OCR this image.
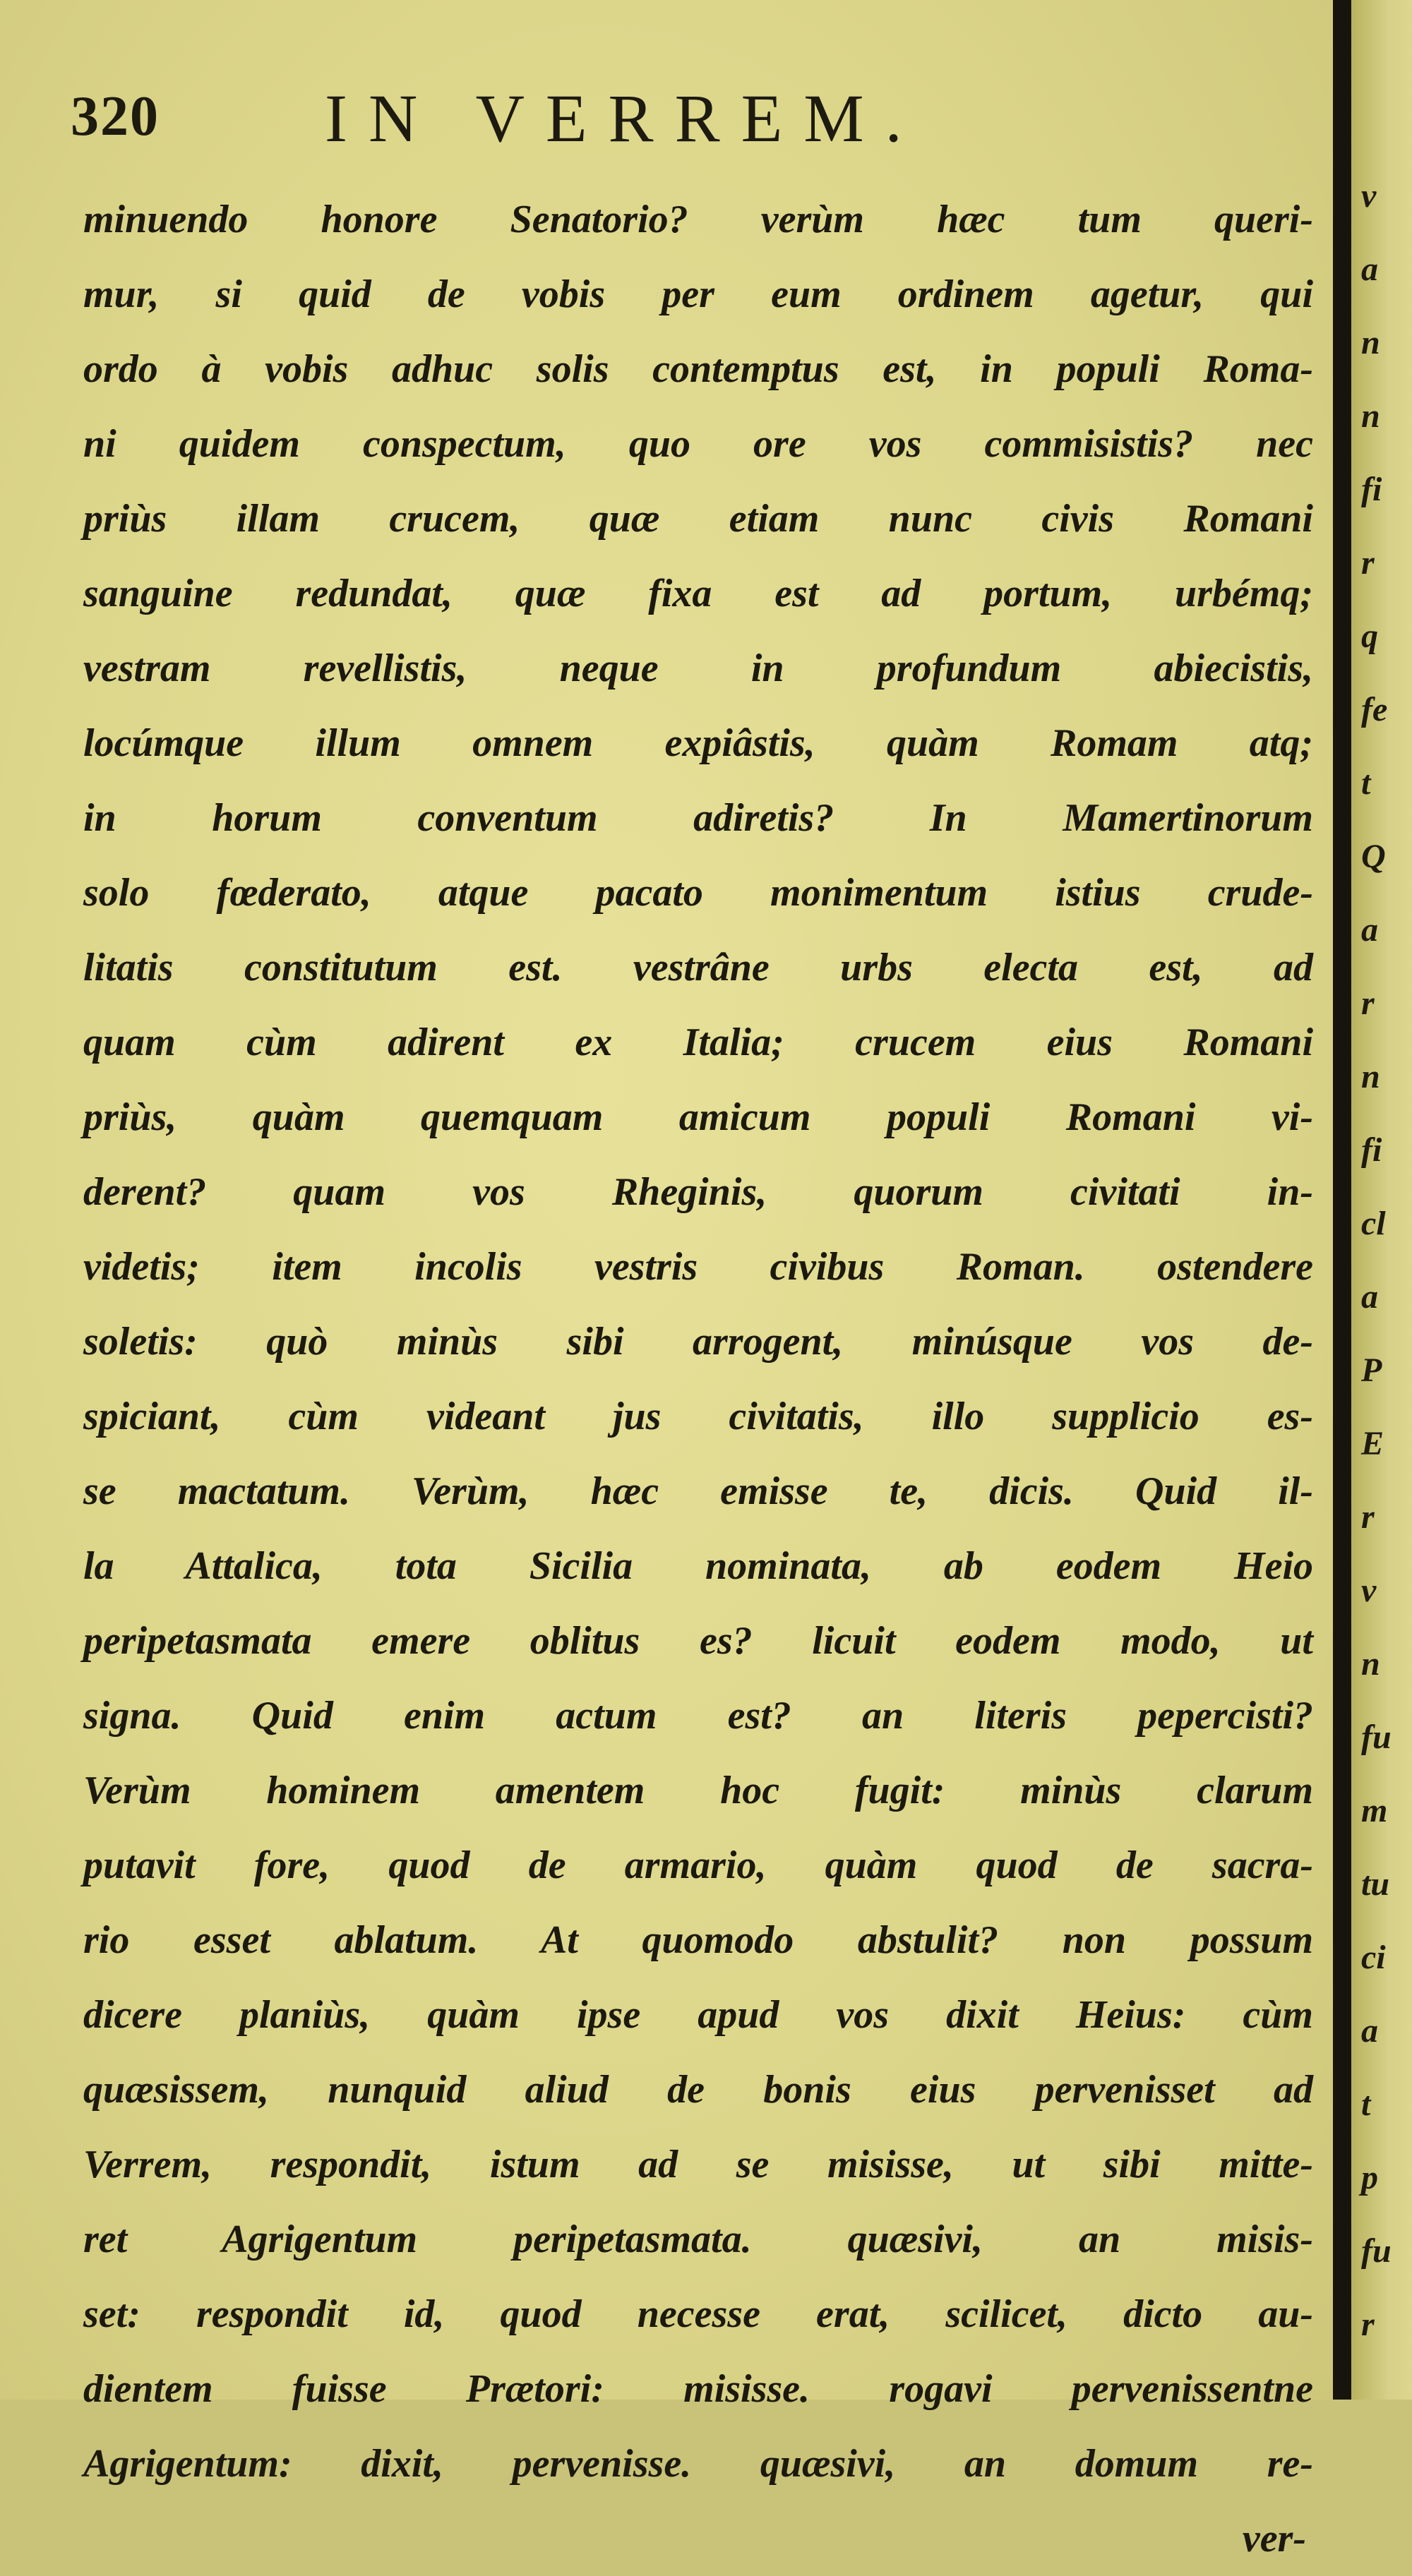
320 IN VERREM.
minuendo honore Senatorio? verùm hæc tum queri-
mur, si quid de vobis per eum ordinem agetur, qui
ordo à vobis adhuc solis contemptus est, in populi Roma-
ni quidem conspectum, quo ore vos commisistis? nec
priùs illam crucem, quæ etiam nunc civis Romani
sanguine redundat, quæ fixa est ad portum, urbémq;
vestram revellistis, neque in profundum abiecistis,
locúmque illum omnem expiâstis, quàm Romam atq;
in horum conventum adiretis? In Mamertinorum
solo fœderato, atque pacato monimentum istius crude-
litatis constitutum est. vestrâne urbs electa est, ad
quam cùm adirent ex Italia; crucem eius Romani
priùs, quàm quemquam amicum populi Romani vi-
derent? quam vos Rheginis, quorum civitati in-
videtis; item incolis vestris civibus Roman. ostendere
soletis: quò minùs sibi arrogent, minúsque vos de-
spiciant, cùm videant jus civitatis, illo supplicio es-
se mactatum. Verùm, hæc emisse te, dicis. Quid il-
la Attalica, tota Sicilia nominata, ab eodem Heio
peripetasmata emere oblitus es? licuit eodem modo, ut
signa. Quid enim actum est? an literis pepercisti?
Verùm hominem amentem hoc fugit: minùs clarum
putavit fore, quod de armario, quàm quod de sacra-
rio esset ablatum. At quomodo abstulit? non possum
dicere planiùs, quàm ipse apud vos dixit Heius: cùm
quæsissem, nunquid aliud de bonis eius pervenisset ad
Verrem, respondit, istum ad se misisse, ut sibi mitte-
ret Agrigentum peripetasmata. quæsivi, an misis-
set: respondit id, quod necesse erat, scilicet, dicto au-
dientem fuisse Prætori: misisse. rogavi pervenissentne
Agrigentum: dixit, pervenisse. quæsivi, an domum re-
ver-
v
a
n
n
fi
r
q
fe
t
Q
a
r
n
fi
cl
a
P
E
r
v
n
fu
m
tu
ci
a
t
p
fu
r
